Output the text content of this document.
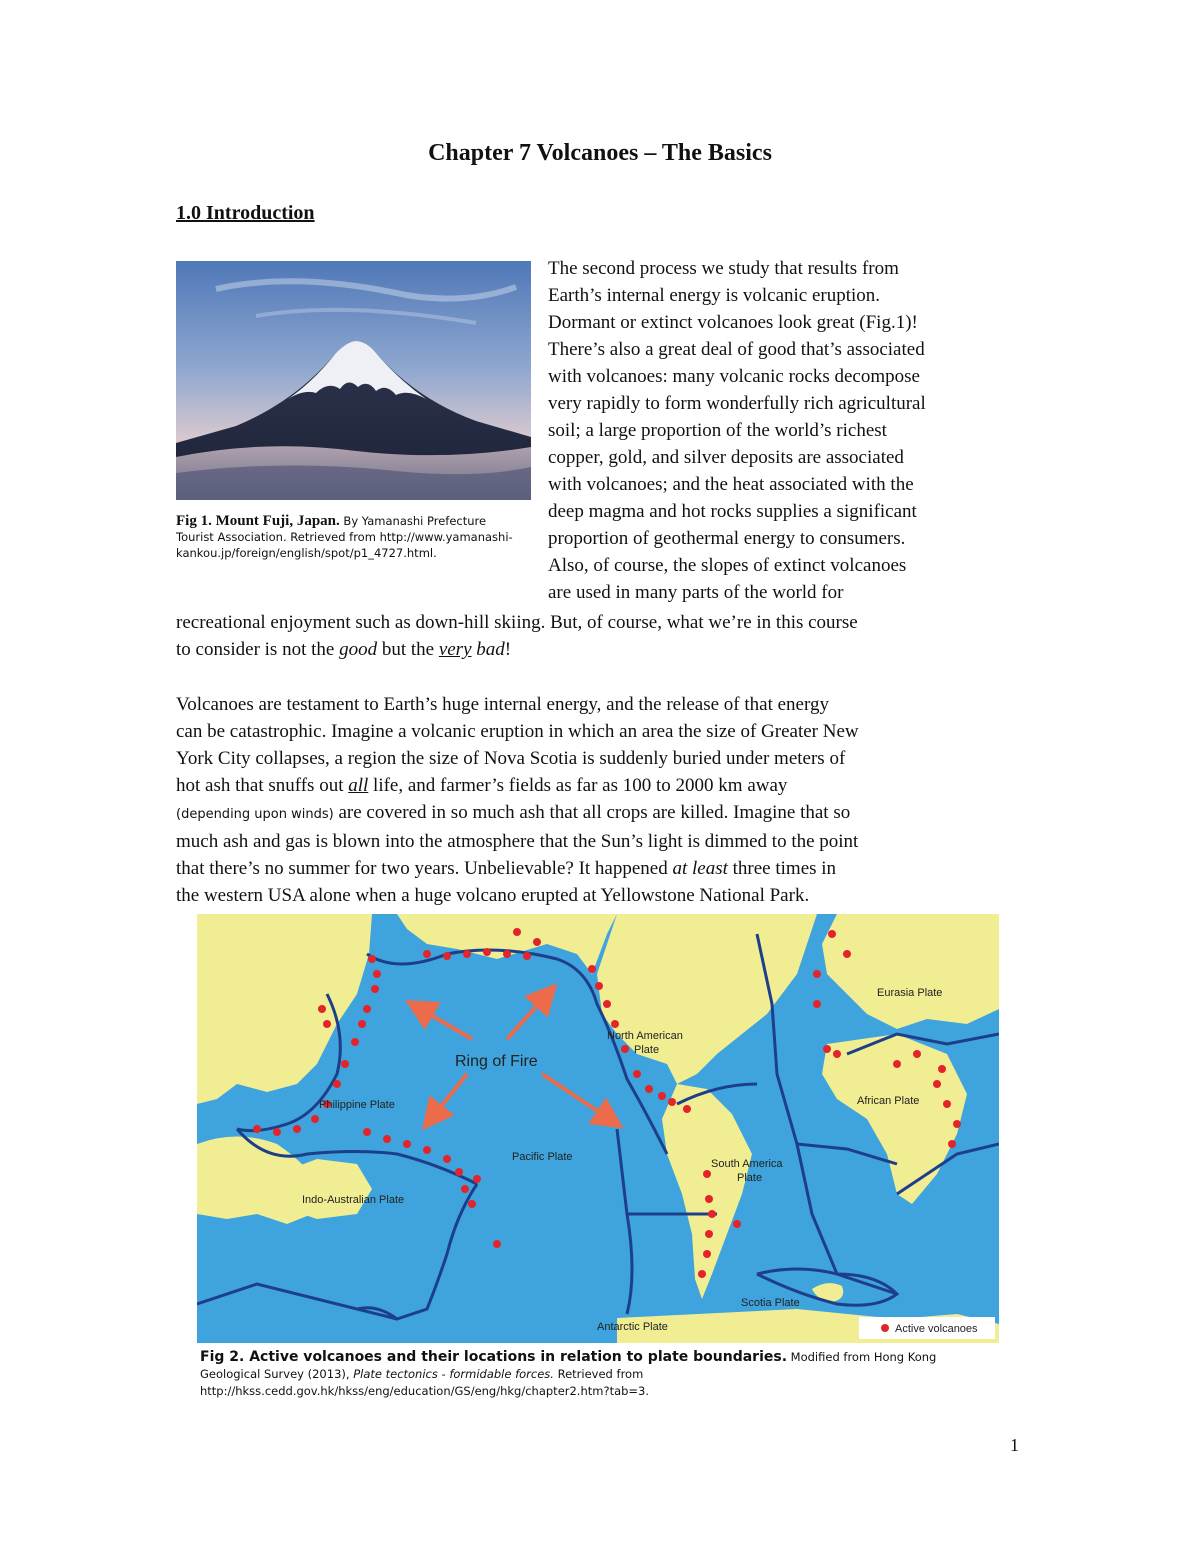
Chapter 7 Volcanoes – The Basics
1.0 Introduction

Fig 1. Mount Fuji, Japan. By Yamanashi Prefecture Tourist Association. Retrieved from http://www.yamanashi-kankou.jp/foreign/english/spot/p1_4727.html.

The second process we study that results from
Earth’s internal energy is volcanic eruption.
Dormant or extinct volcanoes look great (Fig.1)!
There’s also a great deal of good that’s associated
with volcanoes: many volcanic rocks decompose
very rapidly to form wonderfully rich agricultural
soil; a large proportion of the world’s richest
copper, gold, and silver deposits are associated
with volcanoes; and the heat associated with the
deep magma and hot rocks supplies a significant
proportion of geothermal energy to consumers.
Also, of course, the slopes of extinct volcanoes
are used in many parts of the world for

recreational enjoyment such as down-hill skiing. But, of course, what we’re in this course
to consider is not the good but the very bad!

Volcanoes are testament to Earth’s huge internal energy, and the release of that energy
can be catastrophic. Imagine a volcanic eruption in which an area the size of Greater New
York City collapses, a region the size of Nova Scotia is suddenly buried under meters of
hot ash that snuffs out all life, and farmer’s fields as far as 100 to 2000 km away
(depending upon winds) are covered in so much ash that all crops are killed. Imagine that so
much ash and gas is blown into the atmosphere that the Sun’s light is dimmed to the point
that there’s no summer for two years. Unbelievable? It happened at least three times in
the western USA alone when a huge volcano erupted at Yellowstone National Park.

Ring of Fire
Eurasia Plate
North American
Plate
African Plate
Philippine Plate
Pacific Plate
Indo-Australian Plate
South America
Plate
Scotia Plate
Antarctic Plate	Active volcanoes

Fig 2. Active volcanoes and their locations in relation to plate boundaries. Modified from Hong Kong Geological Survey (2013), Plate tectonics - formidable forces. Retrieved from http://hkss.cedd.gov.hk/hkss/eng/education/GS/eng/hkg/chapter2.htm?tab=3.

1
